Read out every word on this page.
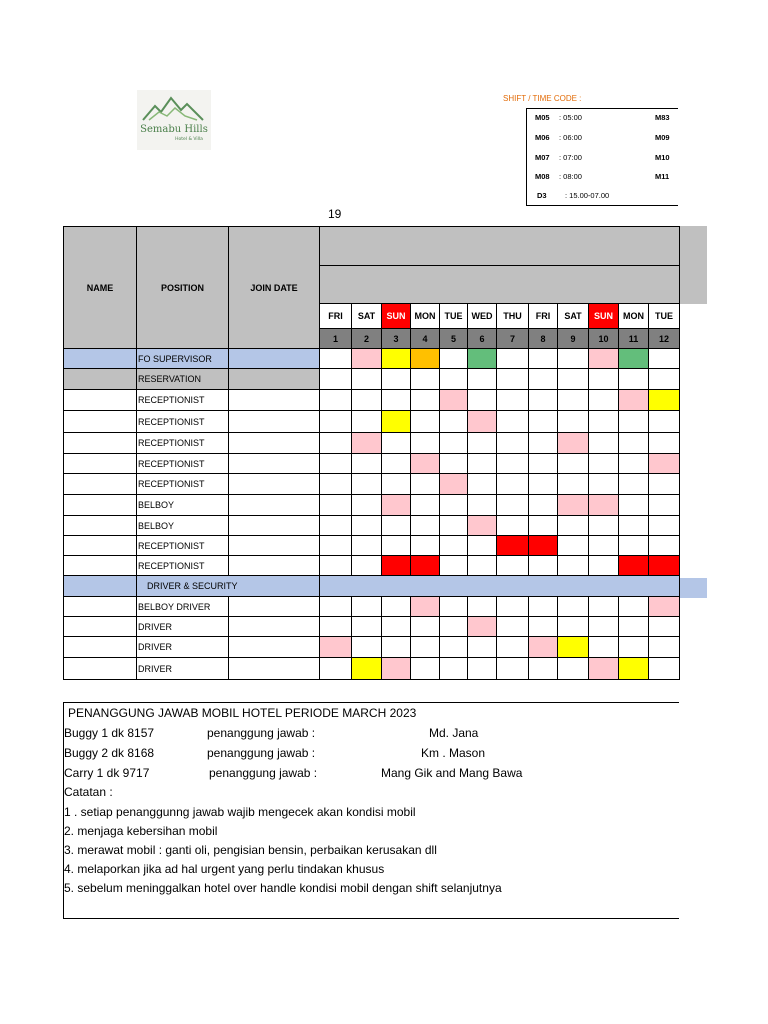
Semabu Hills
Hotel & Villa
SHIFT / TIME CODE :
M05 : 05:00	M83
M06 : 06:00	M09
M07 : 07:00	M10
M08 : 08:00	M11
D3 : 15.00-07.00
19
NAME	POSITION	JOIN DATE												

			FRI	SAT	SUN	MON	TUE	WED	THU	FRI	SAT	SUN	MON	TUE
			1	2	3	4	5	6	7	8	9	10	11	12
	FO SUPERVISOR													
	RESERVATION													
	RECEPTIONIST													
	RECEPTIONIST													
	RECEPTIONIST													
	RECEPTIONIST													
	RECEPTIONIST													
	BELBOY													
	BELBOY													
	RECEPTIONIST													
	RECEPTIONIST													
	DRIVER & SECURITY													
	BELBOY DRIVER													
	DRIVER													
	DRIVER													
	DRIVER													
PENANGGUNG JAWAB MOBIL HOTEL PERIODE MARCH 2023
Buggy 1 dk 8157	penanggung jawab :	Md. Jana
Buggy 2 dk 8168	penanggung jawab :	Km . Mason
Carry 1 dk 9717	penanggung jawab :	Mang Gik and Mang Bawa
Catatan :
1 . setiap penanggunng jawab wajib mengecek akan kondisi mobil
2. menjaga kebersihan mobil
3. merawat mobil : ganti oli, pengisian bensin, perbaikan kerusakan dll
4. melaporkan jika ad hal urgent yang perlu tindakan khusus
5. sebelum meninggalkan hotel over handle kondisi mobil dengan shift selanjutnya
